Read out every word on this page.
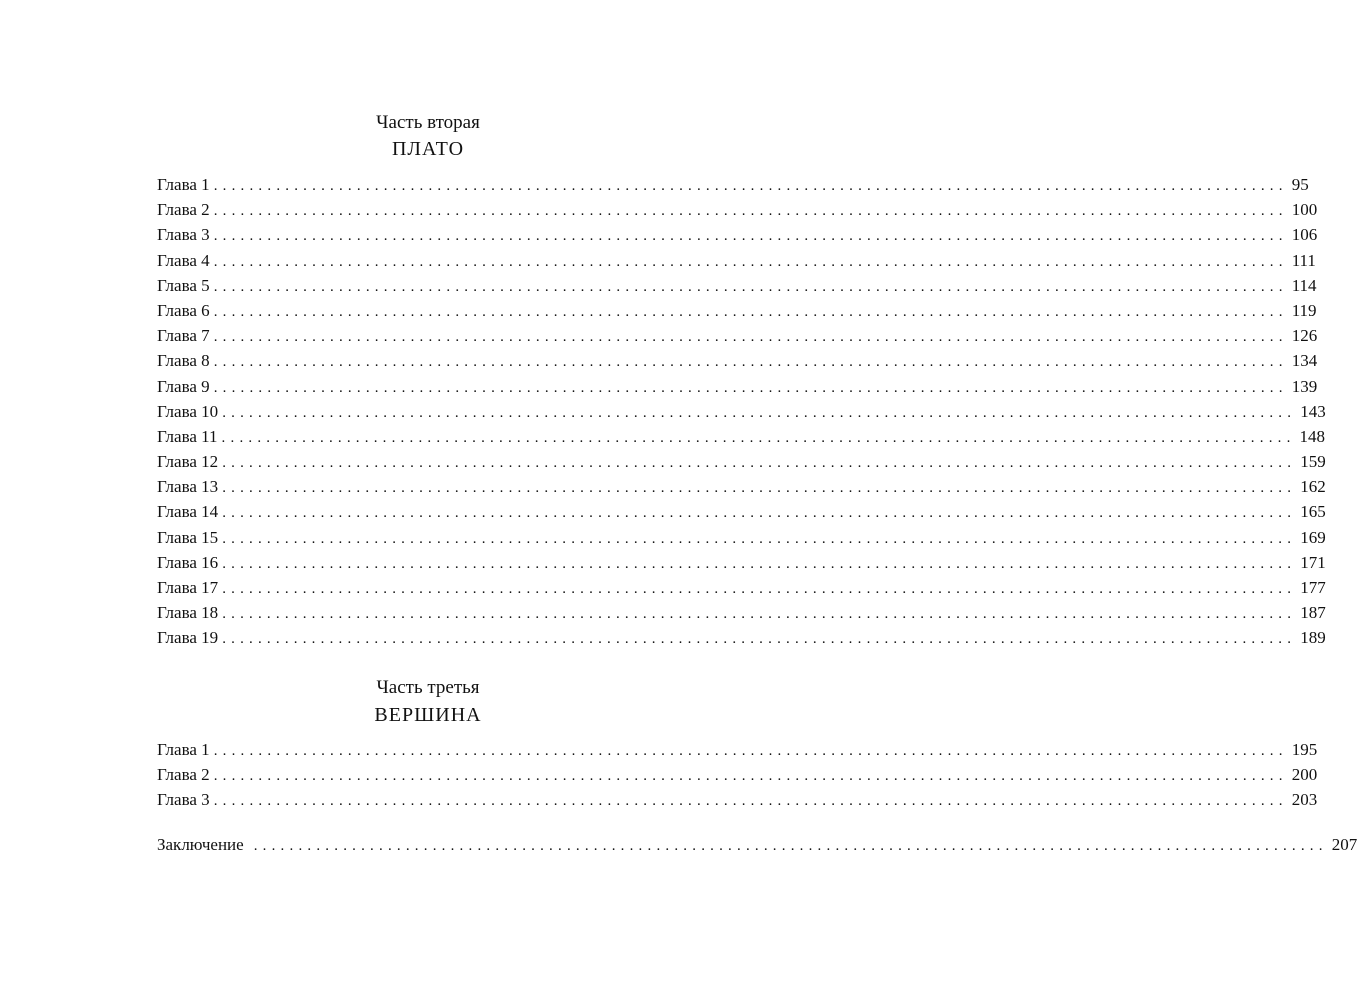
Часть вторая
ПЛАТО
Глава 1 ........................................................................................................................ 95
Глава 2 ........................................................................................................................ 100
Глава 3 ........................................................................................................................ 106
Глава 4 ........................................................................................................................ 111
Глава 5 ........................................................................................................................ 114
Глава 6 ........................................................................................................................ 119
Глава 7 ........................................................................................................................ 126
Глава 8 ........................................................................................................................ 134
Глава 9 ........................................................................................................................ 139
Глава 10 ........................................................................................................................ 143
Глава 11 ........................................................................................................................ 148
Глава 12 ........................................................................................................................ 159
Глава 13 ........................................................................................................................ 162
Глава 14 ........................................................................................................................ 165
Глава 15 ........................................................................................................................ 169
Глава 16 ........................................................................................................................ 171
Глава 17 ........................................................................................................................ 177
Глава 18 ........................................................................................................................ 187
Глава 19 ........................................................................................................................ 189
Часть третья
ВЕРШИНА
Глава 1 ........................................................................................................................ 195
Глава 2 ........................................................................................................................ 200
Глава 3 ........................................................................................................................ 203
Заключение ........................................................................................................................ 207
